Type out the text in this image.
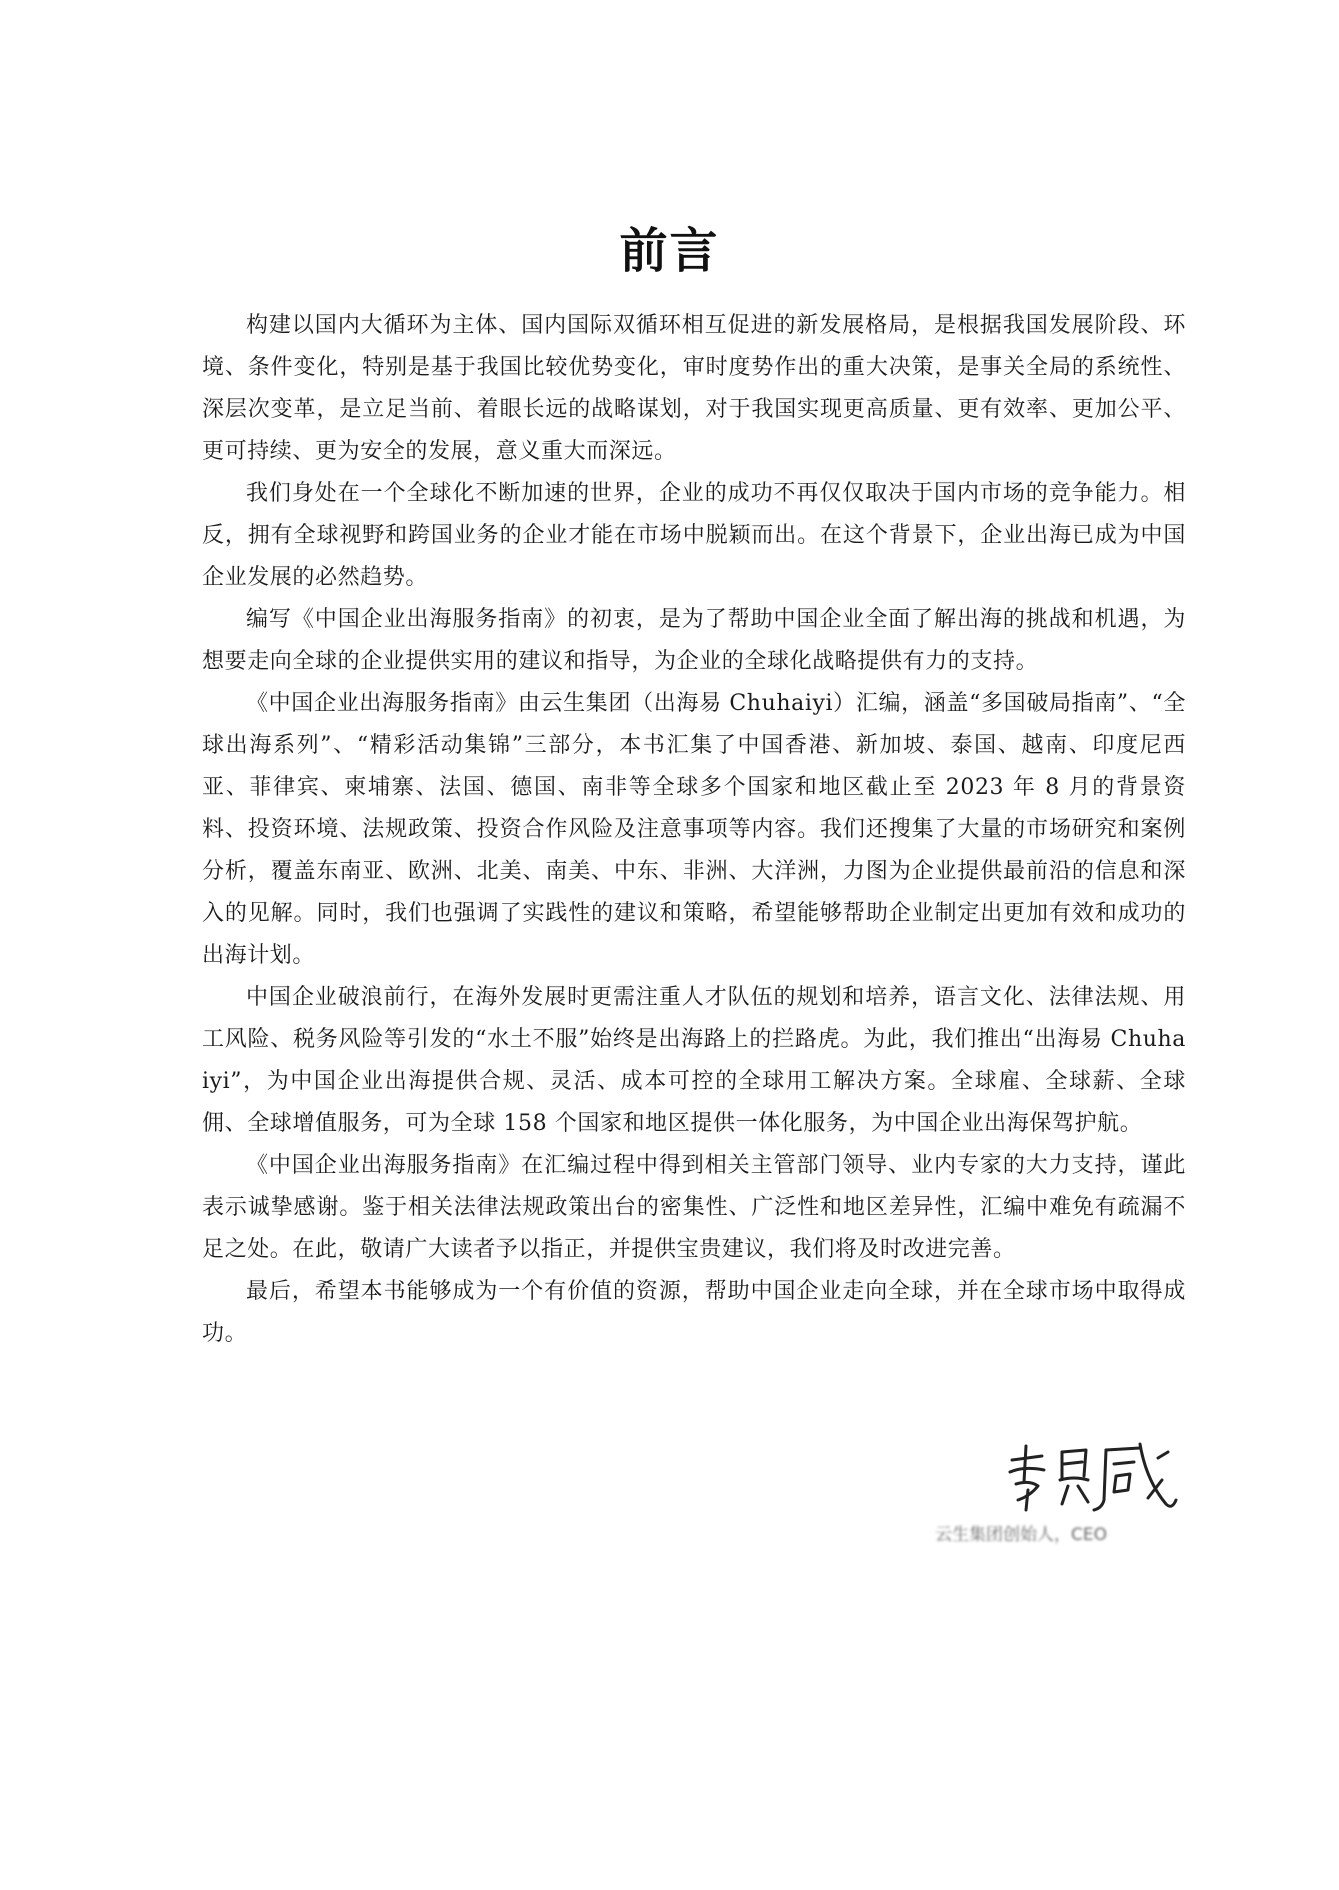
前言

构建以国内大循环为主体、国内国际双循环相互促进的新发展格局，是根据我国发展阶段、环境、条件变化，特别是基于我国比较优势变化，审时度势作出的重大决策，是事关全局的系统性、深层次变革，是立足当前、着眼长远的战略谋划，对于我国实现更高质量、更有效率、更加公平、更可持续、更为安全的发展，意义重大而深远。

我们身处在一个全球化不断加速的世界，企业的成功不再仅仅取决于国内市场的竞争能力。相反，拥有全球视野和跨国业务的企业才能在市场中脱颖而出。在这个背景下，企业出海已成为中国企业发展的必然趋势。

编写《中国企业出海服务指南》的初衷，是为了帮助中国企业全面了解出海的挑战和机遇，为想要走向全球的企业提供实用的建议和指导，为企业的全球化战略提供有力的支持。

《中国企业出海服务指南》由云生集团（出海易 Chuhaiyi）汇编，涵盖“多国破局指南”、“全球出海系列”、“精彩活动集锦”三部分，本书汇集了中国香港、新加坡、泰国、越南、印度尼西亚、菲律宾、柬埔寨、法国、德国、南非等全球多个国家和地区截止至 2023 年 8 月的背景资料、投资环境、法规政策、投资合作风险及注意事项等内容。我们还搜集了大量的市场研究和案例分析，覆盖东南亚、欧洲、北美、南美、中东、非洲、大洋洲，力图为企业提供最前沿的信息和深入的见解。同时，我们也强调了实践性的建议和策略，希望能够帮助企业制定出更加有效和成功的出海计划。

中国企业破浪前行，在海外发展时更需注重人才队伍的规划和培养，语言文化、法律法规、用工风险、税务风险等引发的“水土不服”始终是出海路上的拦路虎。为此，我们推出“出海易 Chuhaiyi”，为中国企业出海提供合规、灵活、成本可控的全球用工解决方案。全球雇、全球薪、全球佣、全球增值服务，可为全球 158 个国家和地区提供一体化服务，为中国企业出海保驾护航。

《中国企业出海服务指南》在汇编过程中得到相关主管部门领导、业内专家的大力支持，谨此表示诚挚感谢。鉴于相关法律法规政策出台的密集性、广泛性和地区差异性，汇编中难免有疏漏不足之处。在此，敬请广大读者予以指正，并提供宝贵建议，我们将及时改进完善。

最后，希望本书能够成为一个有价值的资源，帮助中国企业走向全球，并在全球市场中取得成功。

云生集团创始人，CEO
